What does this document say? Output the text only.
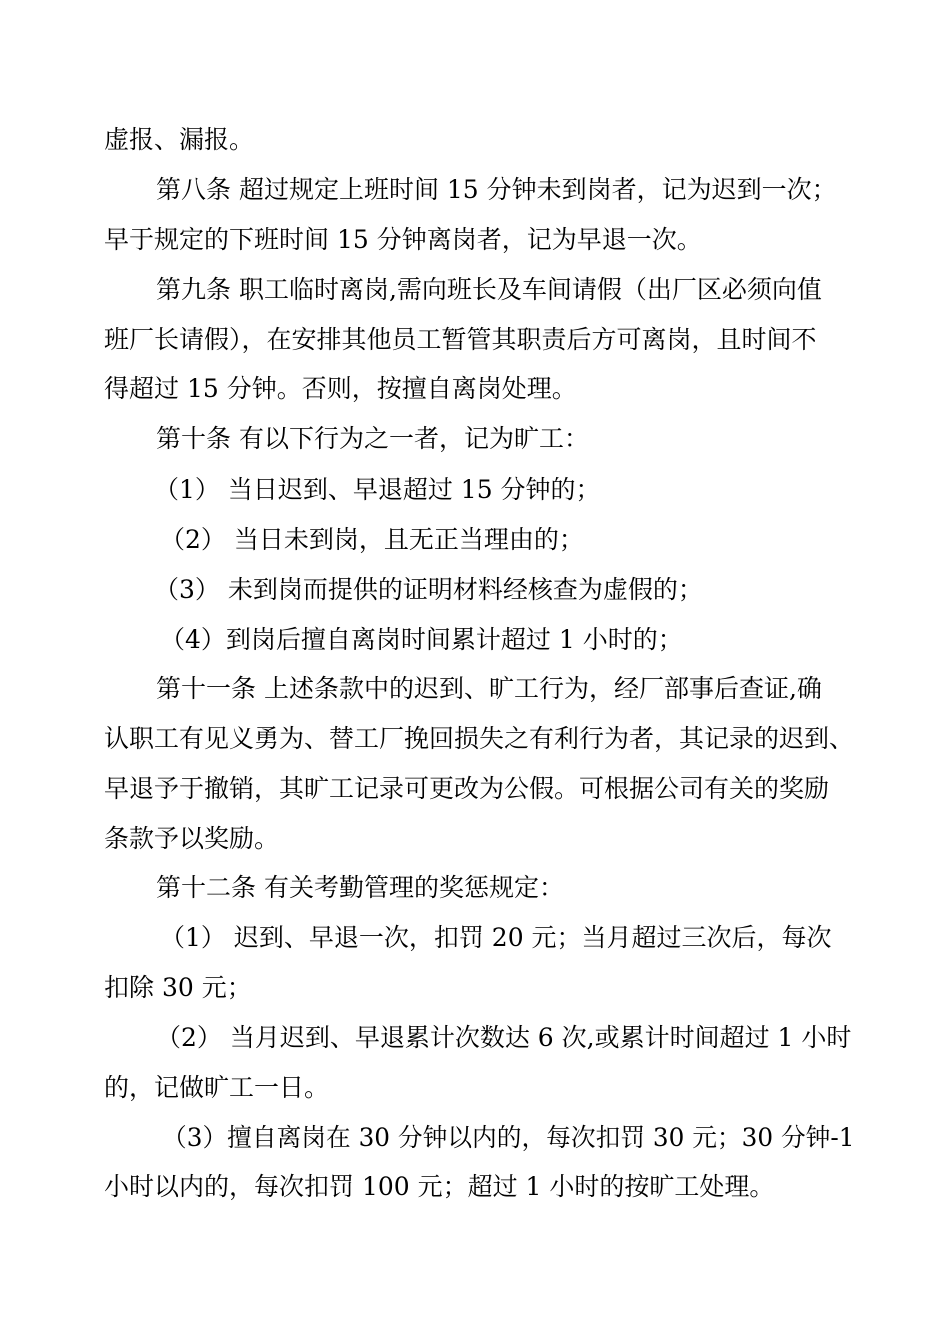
虚报、漏报。
第八条 超过规定上班时间 15 分钟未到岗者，记为迟到一次；
早于规定的下班时间 15 分钟离岗者，记为早退一次。
第九条 职工临时离岗,需向班长及车间请假（出厂区必须向值
班厂长请假），在安排其他员工暂管其职责后方可离岗，且时间不
得超过 15 分钟。否则，按擅自离岗处理。
第十条 有以下行为之一者，记为旷工：
（1） 当日迟到、早退超过 15 分钟的；
（2） 当日未到岗，且无正当理由的；
（3） 未到岗而提供的证明材料经核查为虚假的；
（4）到岗后擅自离岗时间累计超过 1 小时的；
第十一条 上述条款中的迟到、旷工行为，经厂部事后查证,确
认职工有见义勇为、替工厂挽回损失之有利行为者，其记录的迟到、
早退予于撤销，其旷工记录可更改为公假。可根据公司有关的奖励
条款予以奖励。
第十二条 有关考勤管理的奖惩规定：
（1） 迟到、早退一次，扣罚 20 元；当月超过三次后，每次
扣除 30 元；
（2） 当月迟到、早退累计次数达 6 次,或累计时间超过 1 小时
的，记做旷工一日。
（3）擅自离岗在 30 分钟以内的，每次扣罚 30 元；30 分钟-1
小时以内的，每次扣罚 100 元；超过 1 小时的按旷工处理。
